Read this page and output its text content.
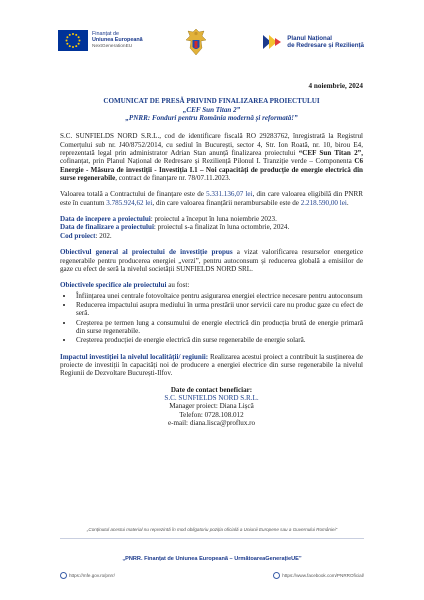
Finanțat de
Uniunea Europeană
NextGenerationEU
Planul Național
de Redresare și Reziliență
4 noiembrie, 2024
COMUNICAT DE PRESĂ PRIVIND FINALIZAREA PROIECTULUI
„CEF Sun Titan 2”
„PNRR: Fonduri pentru România modernă și reformată!”

S.C. SUNFIELDS NORD S.R.L., cod de identificare fiscală RO 29283762, înregistrată la Registrul Comerțului sub nr. J40/8752/2014, cu sediul în București, sector 4, Str. Ion Roată, nr. 10, birou E4, reprezentată legal prin administrator Adrian Stan anunță finalizarea proiectului “CEF Sun Titan 2”, cofinanțat, prin Planul Național de Redresare și Reziliență Pilonul I. Tranziție verde – Componenta C6 Energie - Măsura de investiții - Investiția I.1 – Noi capacități de producție de energie electrică din surse regenerabile, contract de finanțare nr. 78/07.11.2023.

Valoarea totală a Contractului de finanțare este de 5.331.136,07 lei, din care valoarea eligibilă din PNRR este în cuantum 3.785.924,62 lei, din care valoarea finanțării nerambursabile este de 2.218.590,00 lei.

Data de începere a proiectului: proiectul a început în luna noiembrie 2023.
Data de finalizare a proiectului: proiectul s-a finalizat în luna octombrie, 2024.
Cod proiect: 202.

Obiectivul general al proiectului de investiție propus a vizat valorificarea resurselor energetice regenerabile pentru producerea energiei „verzi”, pentru autoconsum și reducerea globală a emisiilor de gaze cu efect de seră la nivelul societății SUNFIELDS NORD SRL.

Obiectivele specifice ale proiectului au fost:
• Înființarea unei centrale fotovoltaice pentru asigurarea energiei electrice necesare pentru autoconsum
• Reducerea impactului asupra mediului în urma prestării unor servicii care nu produc gaze cu efect de seră.
• Creșterea pe termen lung a consumului de energie electrică din producția brută de energie primară din surse regenerabile.
• Creșterea producției de energie electrică din surse regenerabile de energie solară.

Impactul investiției la nivelul localității/ regiunii: Realizarea acestui proiect a contribuit la susținerea de proiecte de investiții în capacități noi de producere a energiei electrice din surse regenerabile la nivelul Regiunii de Dezvoltare București-Ilfov.

Date de contact beneficiar:
S.C. SUNFIELDS NORD S.R.L.
Manager proiect: Diana Lișcă
Telefon: 0728.108.012
e-mail: diana.lisca@proflux.ro
„Conținutul acestui material nu reprezintă în mod obligatoriu poziția oficială a Uniunii Europene sau a Guvernului României”
„PNRR. Finanțat de Uniunea Europeană – UrmătoareaGenerațieUE”
https://mfe.gov.ro/pnrr/	https://www.facebook.com/PNRROficial/
